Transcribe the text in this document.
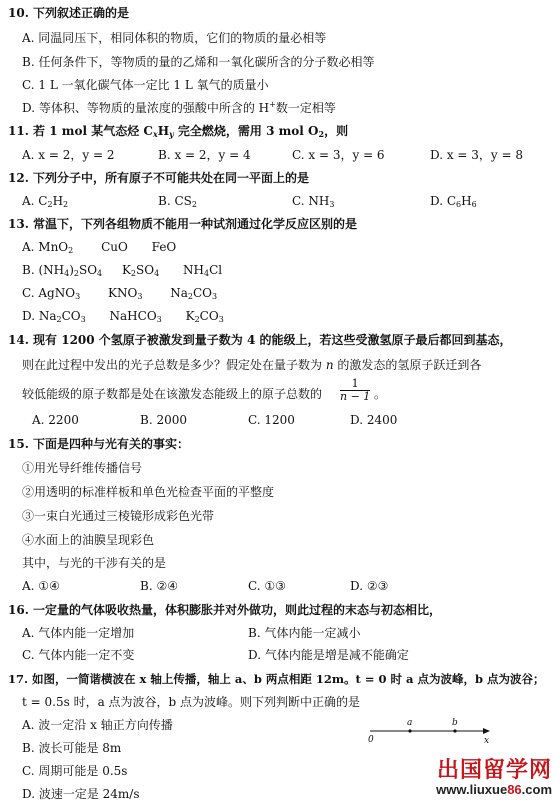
10. 下列叙述正确的是
A. 同温同压下，相同体积的物质，它们的物质的量必相等
B. 任何条件下，等物质的量的乙烯和一氧化碳所含的分子数必相等
C. 1 L 一氧化碳气体一定比 1 L 氧气的质量小
D. 等体积、等物质的量浓度的强酸中所含的 H+数一定相等
11. 若 1 mol 某气态烃 $C_xH_y$ 完全燃烧，需用 3 mol $O_2$，则
A. x = 2，y = 2	B. x = 2，y = 4	C. x = 3，y = 6	D. x = 3，y = 8
12. 下列分子中，所有原子不可能共处在同一平面上的是
A. $C_2H_2$	B. $CS_2$	C. $NH_3$	D. $C_6H_6$
13. 常温下，下列各组物质不能用一种试剂通过化学反应区别的是
A. MnO$_2$ CuO FeO
B. $(NH_4)_2SO_4$ $K_2SO_4$ $NH_4Cl$
C. AgNO$_3$ $KNO_3$ $Na_2CO_3$
D. $Na_2CO_3$ NaHCO$_3$ $K_2CO_3$
14. 现有 1200 个氢原子被激发到量子数为 4 的能级上，若这些受激氢原子最后都回到基态，
则在此过程中发出的光子总数是多少？假定处在量子数为 n 的激发态的氢原子跃迁到各
较低能级的原子数都是处在该激发态能级上的原子总数的 $\frac{1}{n - 1}$ 。
A. 2200	B. 2000	C. 1200	D. 2400
15. 下面是四种与光有关的事实：
①用光导纤维传播信号
②用透明的标准样板和单色光检查平面的平整度
③一束白光通过三棱镜形成彩色光带
④水面上的油膜呈现彩色
其中，与光的干涉有关的是
A. ①④	B. ②④	C. ①③	D. ②③
16. 一定量的气体吸收热量，体积膨胀并对外做功，则此过程的末态与初态相比，
A. 气体内能一定增加	B. 气体内能一定减小
C. 气体内能一定不变	D. 气体内能是增是减不能确定
17. 如图，一简谐横波在 x 轴上传播，轴上 a、b 两点相距 12m。t = 0 时 a 点为波峰，b 点为波谷；
t = 0.5s 时，a 点为波谷，b 点为波峰。则下列判断中正确的是
A. 波一定沿 x 轴正方向传播
B. 波长可能是 8m
C. 周期可能是 0.5s
D. 波速一定是 24m/s
a	b
0	x
出国留学网
www.liuxue86.com
